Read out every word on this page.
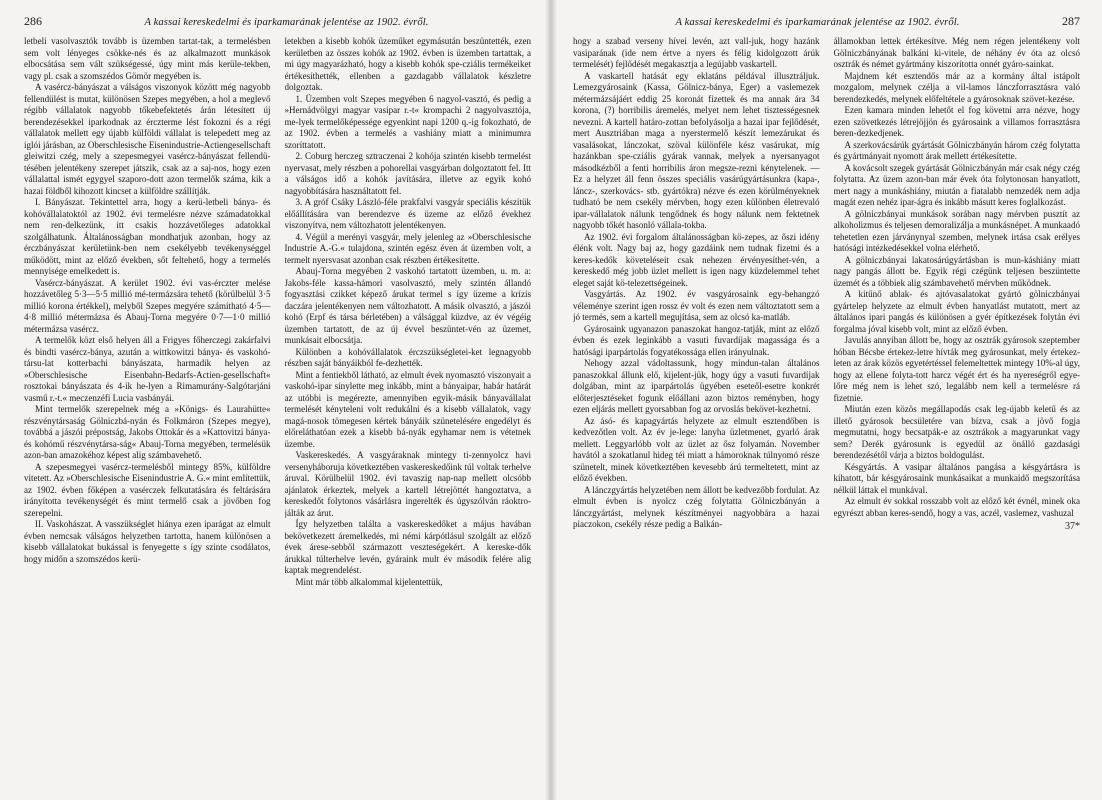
286	A kassai kereskedelmi és iparkamarának jelentése az 1902. évről.

letbeli vasolvasztók tovább is üzemben tartat-tak, a termelésben sem volt lényeges csökke-nés és az alkalmazott munkások elbocsátása sem vált szükségessé, úgy mint más kerüle-tekben, vagy pl. csak a szomszédos Gömör megyében is.

A vasércz-bányászat a válságos viszonyok között még nagyobb fellendülést is mutat, különösen Szepes megyében, a hol a meglevő régibb vállalatok nagyobb tőkebefektetés árán létesített új berendezésekkel iparkodnak az érczterme lést fokozni és a régi vállalatok mellett egy újabb külföldi vállalat is telepedett meg az iglói járásban, az Oberschlesische Eisenindustrie-Actiengesellschaft gleiwitzi czég, mely a szepesmegyei vasércz-bányászat fellendü-tésében jelentékeny szerepet játszik, csak az a saj-nos, hogy ezen vállalattal ismét egygyel szaporo-dott azon termelők száma, kik a hazai földből kihozott kincset a külföldre szállítják.

I. Bányászat. Tekintettel arra, hogy a kerü-letbeli bánya- és kohóvállalatoktól az 1902. évi termelésre nézve számadatokkal nem ren-delkezünk, itt csakis hozzávetőleges adatokkal szolgálhatunk. Általánosságban mondhatjuk azonban, hogy az érczbányászat kerületünk-ben nem csekélyebb tevékenységgel működött, mint az előző években, sőt feltehető, hogy a termelés mennyisége emelkedett is.

Vasércz-bányászat. A kerület 1902. évi vas-érczter melése hozzávetőleg 5·3—5·5 millió mé-termázsára tehető (körülbelül 3·5 millió korona értékkel), melyből Szepes megyére számítható 4·5—4·8 millió métermázsa és Abauj-Torna megyére 0·7—1·0 millió métermázsa vasércz.

A termelők közt első helyen áll a Frigyes főherczegi zakárfalvi és bindti vasércz-bánya, azután a wittkowitzi bánya- és vaskohó-társu-lat kotterbachi bányászata, harmadik helyen az »Oberschlesische Eisenbahn-Bedarfs-Actien-gesellschaft« rosztokai bányászata és 4-ik he-lyen a Rimamurány-Salgótarjáni vasmű r.-t.« meczenzéfi Lucia vasbányái.

Mint termelők szerepelnek még a »Königs- és Laurahütte« részvénytársaság Gölniczbá-nyán és Folkmáron (Szepes megye), továbbá a jászói prépostság, Jakobs Ottokár és a »Kattovitzi bánya- és kohómű részvénytársa-ság« Abauj-Torna megyében, termelésük azon-ban amazokéhoz képest alig számbavehető.

A szepesmegyei vasércz-termelésből mintegy 85%, külföldre vitetett. Az »Oberschlesische Eisenindustrie A. G.« mint említettük, az 1902. évben főképen a vasérczek felkutatására és feltárására irányította tevékenységét és mint termelő csak a jövőben fog szerepelni.

II. Vaskohászat. A vasszükséglet hiánya ezen iparágat az elmult évben nemcsak válságos helyzetben tartotta, hanem különösen a kisebb vállalatokat bukással is fenyegette s így szinte csodálatos, hogy midőn a szomszédos kerü-

letekben a kisebb kohók üzeműket egymásután beszüntették, ezen kerületben az összes kohók az 1902. évben is üzemben tartattak, a mi úgy magyarázható, hogy a kisebb kohók spe-cziális termékeiket értékesíthették, ellenben a gazdagabb vállalatok készletre dolgoztak.

1. Üzemben volt Szepes megyében 6 nagyol-vasztó, és pedig a »Hernádvölgyi magyar vasipar r.-t« krompachi 2 nagyolvasztója, me-lyek termelőképessége egyenkint napi 1200 q.-ig fokozható, de az 1902. évben a termelés a vashiány miatt a minimumra szoríttatott.

2. Coburg herczeg sztraczenai 2 kohója szintén kisebb termelést nyervasat, mely részben a pohorellai vasgyárban dolgoztatott fel. Itt a válságos idő a kohók javítására, illetve az egyik kohó nagyobbítására használtatott fel.

3. A gróf Csáky László-féle prakfalvi vasgyár speciális készítük előállítására van berendezve és üzeme az előző évekhez viszonyítva, nem változhatott jelentékenyen.

4. Végül a merényi vasgyár, mely jelenleg az »Oberschlesische Industrie A.-G.« tulajdona, szintén egész éven át üzemben volt, a termelt nyersvasat azonban csak részben értékesítette.

Abauj-Torna megyében 2 vaskohó tartatott üzemben, u. m. a: Jakobs-féle kassa-hámori vasolvasztó, mely szintén állandó fogyasztási czikket képező árukat termel s így üzeme a krízis daczára jelentékenyen nem változhatott. A másik olvasztó, a jászói kohó (Erpf és társa bérletében) a válsággal küzdve, az év végéig üzemben tartatott, de az új évvel beszüntet-vén az üzemet, munkásait elbocsátja.

Különben a kohóvállalatok érczszükségletei-ket legnagyobb részben saját bányáikból fe-dezhették.

Mint a fentiekből látható, az elmult évek nyomasztó viszonyait a vaskohó-ipar sínylette meg inkább, mint a bányaipar, habár határát az utóbbi is megérezte, amennyiben egyik-másik bányavállalat termelését kényteleni volt redukálni és a kisebb vállalatok, vagy magá-nosok tömegesen kértek bányáik szünetelésére engedélyt és előreláthatóan ezek a kisebb bá-nyák egyhamar nem is vétetnek üzembe.

Vaskereskedés. A vasgyáraknak mintegy ti-zennyolcz havi versenyháboruja következtében vaskereskedőink túl voltak terhelve áruval. Körülbelül 1902. évi tavaszig nap-nap mellett olcsóbb ajánlatok érkeztek, melyek a kartell létrejöttét hangoztatva, a kereskedőt folytonos vásárlásra ingerelték és úgyszólván ráoktro-jálták az árut.

Így helyzetben találta a vaskereskedőket a május havában bekövetkezett áremelkedés, mi némi kárpótlásul szolgált az előző évek árese-sebből származott veszteségekért. A kereske-dők árukkal túlterhelve levén, gyáraink mult év második felére alig kaptak megrendelést.

Mint már több alkalommal kijelentettük,

A kassai kereskedelmi és iparkamarának jelentése az 1902. évről.	287

hogy a szabad verseny hívei levén, azt vall-juk, hogy hazánk vasiparának (ide nem értve a nyers és félig kidolgozott árúk termelését) fejlődését megakasztja a legújabb vaskartell.

A vaskartell hatását egy eklatáns példával illusztráljuk. Lemezgyárosaink (Kassa, Gölnicz-bánya, Eger) a vaslemezek métermázsájáért eddig 25 koronát fizettek és ma annak ára 34 korona, (?) horribilis áremelés, melyet nem lehet tisztességesnek nevezni. A kartell határo-zottan befolyásolja a hazai ipar fejlődését, mert Ausztriában maga a nyerstermelő készít lemezárukat és vasalásokat, lánczokat, szöval különféle kész vasárukat, míg hazánkban spe-cziális gyárak vannak, melyek a nyersanyagot másodkézből a fenti horribilis áron megsze-rezni kénytelenek. — Ez a helyzet áll fenn összes speciális vasárúgyártásunkra (kapa-, láncz-, szerkovács- stb. gyártókra) nézve és ezen körülményeknek tudható be nem csekély mérvben, hogy ezen különben életrevaló ipar-vállalatok nálunk tengődnek és hogy nálunk nem fektetnek nagyobb tőkét hasonló vállala-tokba.

Az 1902. évi forgalom általánosságban kö-zepes, az őszi idény élénk volt. Nagy baj az, hogy gazdáink nem tudnak fizetni és a keres-kedők követeléseit csak nehezen érvényesíthet-vén, a kereskedő még jobb üzlet mellett is igen nagy küzdelemmel tehet eleget saját kö-telezettségeinek.

Vasgyártás. Az 1902. év vasgyárosaink egy-behangzó véleménye szerint igen rossz év volt és ezen nem változtatott sem a jó termés, sem a kartell megujítása, sem az olcsó ka-matláb.

Gyárosaink ugyanazon panaszokat hangoz-tatják, mint az előző évben és ezek leginkább a vasuti fuvardíjak magassága és a hatósági iparpártolás fogyatékossága ellen irányulnak.

Nehogy azzal vádoltassunk, hogy mindun-talan általános panaszokkal állunk elő, kijelent-jük, hogy úgy a vasuti fuvardíjak dolgában, mint az iparpártolás ügyében eseteől-esetre konkrét előterjesztéseket fogunk előállani azon biztos reményben, hogy ezen eljárás mellett gyorsabban fog az orvoslás bekövet-kezhetni.

Az ásó- és kapagyártás helyzete az elmult esztendőben is kedvezőtlen volt. Az év je-lege: lanyha üzletmenet, gyarló árak mellett. Leggyarlóbb volt az üzlet az ősz folyamán. November havától a szokatlanul hideg téi miatt a hámoroknak túlnyomó része szünetelt, minek következtében kevesebb árú termeltetett, mint az előző években.

A lánczgyártás helyzetében nem állott be kedvezőbb fordulat. Az elmult évben is nyolcz czég folytatta Gölniczbányán a lánczgyártást, melynek készítményei nagyobbára a hazai piaczokon, csekély része pedig a Balkán-

államokban lettek értékesítve. Még nem régen jelentékeny volt Gölniczbányának balkáni ki-vitele, de néhány év óta az olcsó osztrák és német gyártmány kiszorította onnét gyáro-sainkat.

Majdnem két esztendős már az a kormány által istápolt mozgalom, melynek czélja a vil-lamos lánczforrasztásra való berendezkedés, melynek előfeltétele a gyárosoknak szövet-kezése.

Ezen kamara minden lehetőt el fog követni arra nézve, hogy ezen szövetkezés létrejöjjön és gyárosaink a villamos forrasztásra beren-dezkedjenek.

A szerkovácsárúk gyártását Gölniczbányán három czég folytatta és gyártmányait nyomott árak mellett értékesítette.

A kovácsolt szegek gyártását Gölniczbányán már csak négy czég folytatta. Az üzem azon-ban már évek óta folytonosan hanyatlott, mert nagy a munkáshiány, miután a fiatalabb nemzedék nem adja magát ezen nehéz ipar-ágra és inkább másutt keres foglalkozást.

A gölniczbányai munkások sorában nagy mérvben pusztít az alkoholizmus és teljesen demoralizálja a munkásnépet. A munkaadó tehetetlen ezen járványnyal szemben, melynek irtása csak erélyes hatósági intézkedésekkel volna elérhető.

A gölniczbányai lakatosárúgyártásban is mun-káshiány miatt nagy pangás állott be. Egyik régi czégünk teljesen beszüntette üzemét és a többiek alig számbavehető mérvben működnek.

A kitűnő ablak- és ajtóvasalatokat gyártó gölniczbányai gyártelep helyzete az elmult évben hanyatlást mutatott, mert az általános ipari pangás és különösen a gyér építkezések folytán évi forgalma jóval kisebb volt, mint az előző évben.

Javulás annyiban állott be, hogy az osztrák gyárosok szeptember hóban Bécsbe értekez-letre hívták meg gyárosunkat, mely értekez-leten az árak közös egyetértéssel felemeltettek mintegy 10%-al úgy, hogy az ellene folyta-tott harcz végét ért és ha nyereségről egye-lőre még nem is lehet szó, legalább nem kell a termelésre rá fizetnie.

Miután ezen közös megállapodás csak leg-újabb keletű és az illető gyárosok becsületére van bízva, csak a jövő fogja megmutatni, hogy becsatpák-e az osztrákok a magyarunkat vagy sem? Derék gyárosunk is egyedül az önálló gazdasági berendezésétől várja a biztos boldogulást.

Késgyártás. A vasipar általános pangása a késgyártásra is kihatott, bár késgyárosaink munkásaikat a munkaidő megszorítása nélkül láttak el munkával.

Az elmult év sokkal rosszabb volt az előző két évnél, minek oka egyrészt abban keres-sendő, hogy a vas, aczél, vaslemez, vashuzal

37*
